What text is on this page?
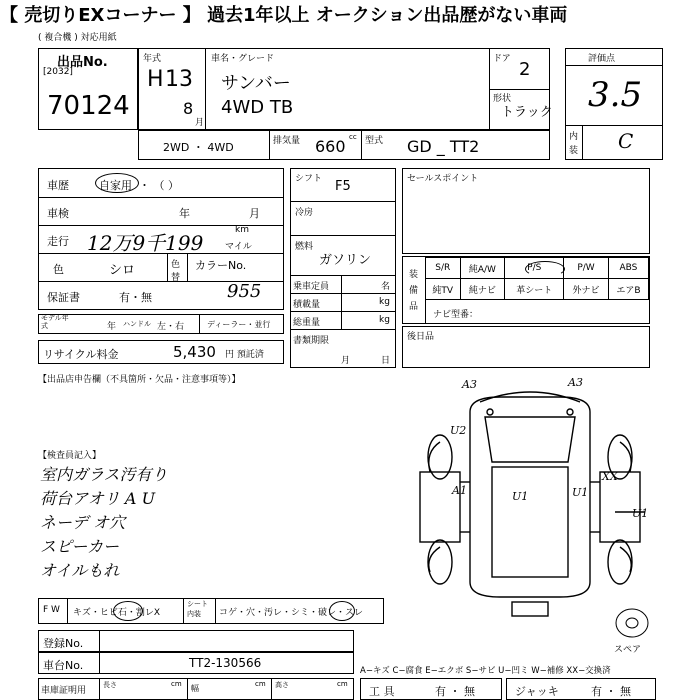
【 売切りEXコーナー 】 過去1年以上 オークション出品歴がない車両
( 複合機 ) 対応用紙
出品No.
[2032]
70124
年式
H 13
8
月
車名・グレード
サンバー
4WD TB
ドア 2
形状
トラック
評価点
3.5
内
装 C
2WD ・ 4WD	排気量 660 cc 型式 GD _ TT2
車歴	自家用 ・ （ ）
車検	年	月
走行 12万9千199
km
マイル
色	シロ	色替
カラーNo.
保証書	有・無	955
モデル年式	年 ハンドル 左・右	ディーラー・並行
リサイクル料金	5,430 円 預託済
シフト F5
冷房
燃料
ガソリン
乗車定員	名
積載量	kg
総重量	kg
書類期限
月	日
セールスポイント
装
備
品
S/R	純A/W	P/S	P/W	ABS
純TV	純ナビ	革シート	外ナビ	エアB
ナビ型番：
後日品
【出品店申告欄（不具箇所・欠品・注意事項等）】
【検査員記入】
室内ガラス汚有り
荷台アオリ A U
ネーデ オ穴
スピーカー
オイルもれ
A3	A3
U2
U1
A1	U1
XX
U1
F W キズ・ヒビ石・割レX
シート
内装 コゲ・穴・汚レ・シミ・破レ・スレ
スペア
登録No.
車台No.	TT2-130566
A−キズ C−腐食 E−エクボ S−サビ U−凹ミ W−補修 XX−交換済
車庫証明用
長さ	cm 幅	cm 高さ	cm
工 具	有 ・ 無	ジャッキ	有 ・ 無
